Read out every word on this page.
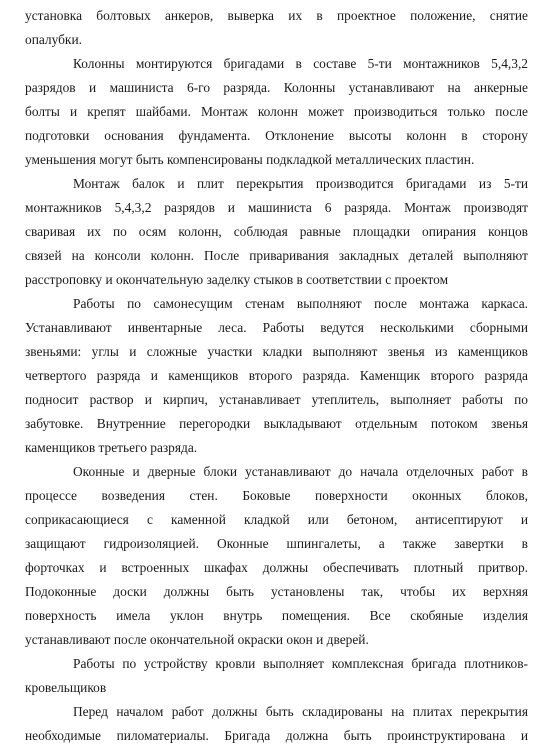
установка болтовых анкеров, выверка их в проектное положение, снятие
опалубки.
Колонны монтируются бригадами в составе 5-ти монтажников 5,4,3,2
разрядов и машиниста 6-го разряда. Колонны устанавливают на анкерные
болты и крепят шайбами. Монтаж колонн может производиться только после
подготовки основания фундамента. Отклонение высоты колонн в сторону
уменьшения могут быть компенсированы подкладкой металлических пластин.
Монтаж балок и плит перекрытия производится бригадами из 5-ти
монтажников 5,4,3,2 разрядов и машиниста 6 разряда. Монтаж производят
сваривая их по осям колонн, соблюдая равные площадки опирания концов
связей на консоли колонн. После приваривания закладных деталей выполняют
расстроповку и окончательную заделку стыков в соответствии с проектом
Работы по самонесущим стенам выполняют после монтажа каркаса.
Устанавливают инвентарные леса. Работы ведутся несколькими сборными
звеньями: углы и сложные участки кладки выполняют звенья из каменщиков
четвертого разряда и каменщиков второго разряда. Каменщик второго разряда
подносит раствор и кирпич, устанавливает утеплитель, выполняет работы по
забутовке. Внутренние перегородки выкладывают отдельным потоком звенья
каменщиков третьего разряда.
Оконные и дверные блоки устанавливают до начала отделочных работ в
процессе возведения стен. Боковые поверхности оконных блоков,
соприкасающиеся с каменной кладкой или бетоном, антисептируют и
защищают гидроизоляцией. Оконные шпингалеты, а также завертки в
форточках и встроенных шкафах должны обеспечивать плотный притвор.
Подоконные доски должны быть установлены так, чтобы их верхняя
поверхность имела уклон внутрь помещения. Все скобяные изделия
устанавливают после окончательной окраски окон и дверей.
Работы по устройству кровли выполняет комплексная бригада плотников-
кровельщиков
Перед началом работ должны быть складированы на плитах перекрытия
необходимые пиломатериалы. Бригада должна быть проинструктирована и
